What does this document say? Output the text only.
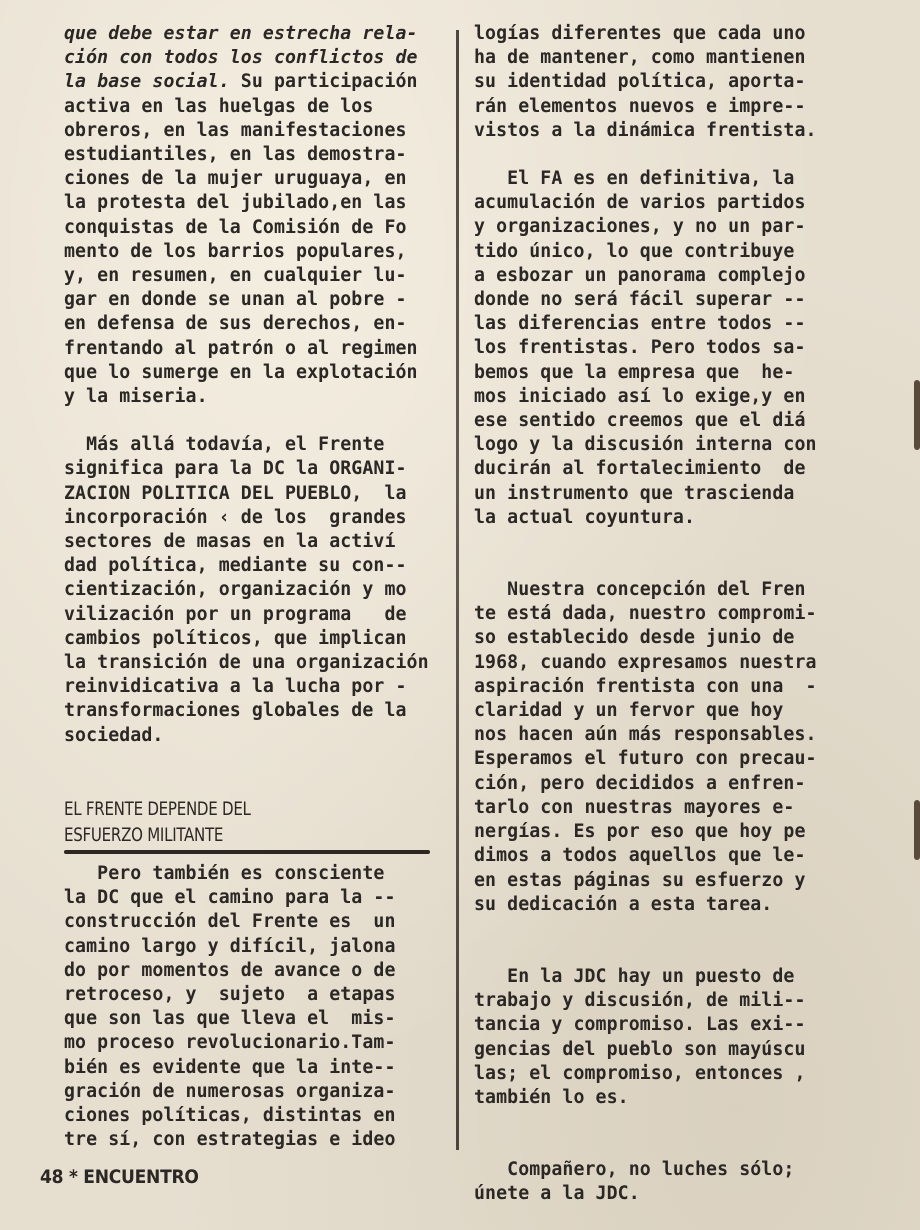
que debe estar en estrecha rela-

ción con todos los conflictos de

la base social. Su participación

activa en las huelgas de los

obreros, en las manifestaciones

estudiantiles, en las demostra-

ciones de la mujer uruguaya, en

la protesta del jubilado,en las

conquistas de la Comisión de Fo

mento de los barrios populares,

y, en resumen, en cualquier lu-

gar en donde se unan al pobre -

en defensa de sus derechos, en-

frentando al patrón o al regimen

que lo sumerge en la explotación

y la miseria.

Más allá todavía, el Frente

significa para la DC la ORGANI-

ZACION POLITICA DEL PUEBLO,  la

incorporación ‹ de los  grandes

sectores de masas en la activí

dad política, mediante su con--

cientización, organización y mo

vilización por un programa   de

cambios políticos, que implican

la transición de una organización

reinvidicativa a la lucha por -

transformaciones globales de la

sociedad.

EL FRENTE DEPENDE DEL
ESFUERZO MILITANTE

Pero también es consciente

la DC que el camino para la --

construcción del Frente es  un

camino largo y difícil, jalona

do por momentos de avance o de

retroceso, y  sujeto  a etapas

que son las que lleva el  mis-

mo proceso revolucionario.Tam-

bién es evidente que la inte--

gración de numerosas organiza-

ciones políticas, distintas en

tre sí, con estrategias e ideo

logías diferentes que cada uno

ha de mantener, como mantienen

su identidad política, aporta-

rán elementos nuevos e impre--

vistos a la dinámica frentista.

El FA es en definitiva, la

acumulación de varios partidos

y organizaciones, y no un par-

tido único, lo que contribuye

a esbozar un panorama complejo

donde no será fácil superar --

las diferencias entre todos --

los frentistas. Pero todos sa-

bemos que la empresa que  he-

mos iniciado así lo exige,y en

ese sentido creemos que el diá

logo y la discusión interna con

ducirán al fortalecimiento  de

un instrumento que trascienda

la actual coyuntura.

Nuestra concepción del Fren

te está dada, nuestro compromi-

so establecido desde junio de

1968, cuando expresamos nuestra

aspiración frentista con una  -

claridad y un fervor que hoy

nos hacen aún más responsables.

Esperamos el futuro con precau-

ción, pero decididos a enfren-

tarlo con nuestras mayores e-

nergías. Es por eso que hoy pe

dimos a todos aquellos que le-

en estas páginas su esfuerzo y

su dedicación a esta tarea.

En la JDC hay un puesto de

trabajo y discusión, de mili--

tancia y compromiso. Las exi--

gencias del pueblo son mayúscu

las; el compromiso, entonces ,

también lo es.

Compañero, no luches sólo;

únete a la JDC.

48 * ENCUENTRO
